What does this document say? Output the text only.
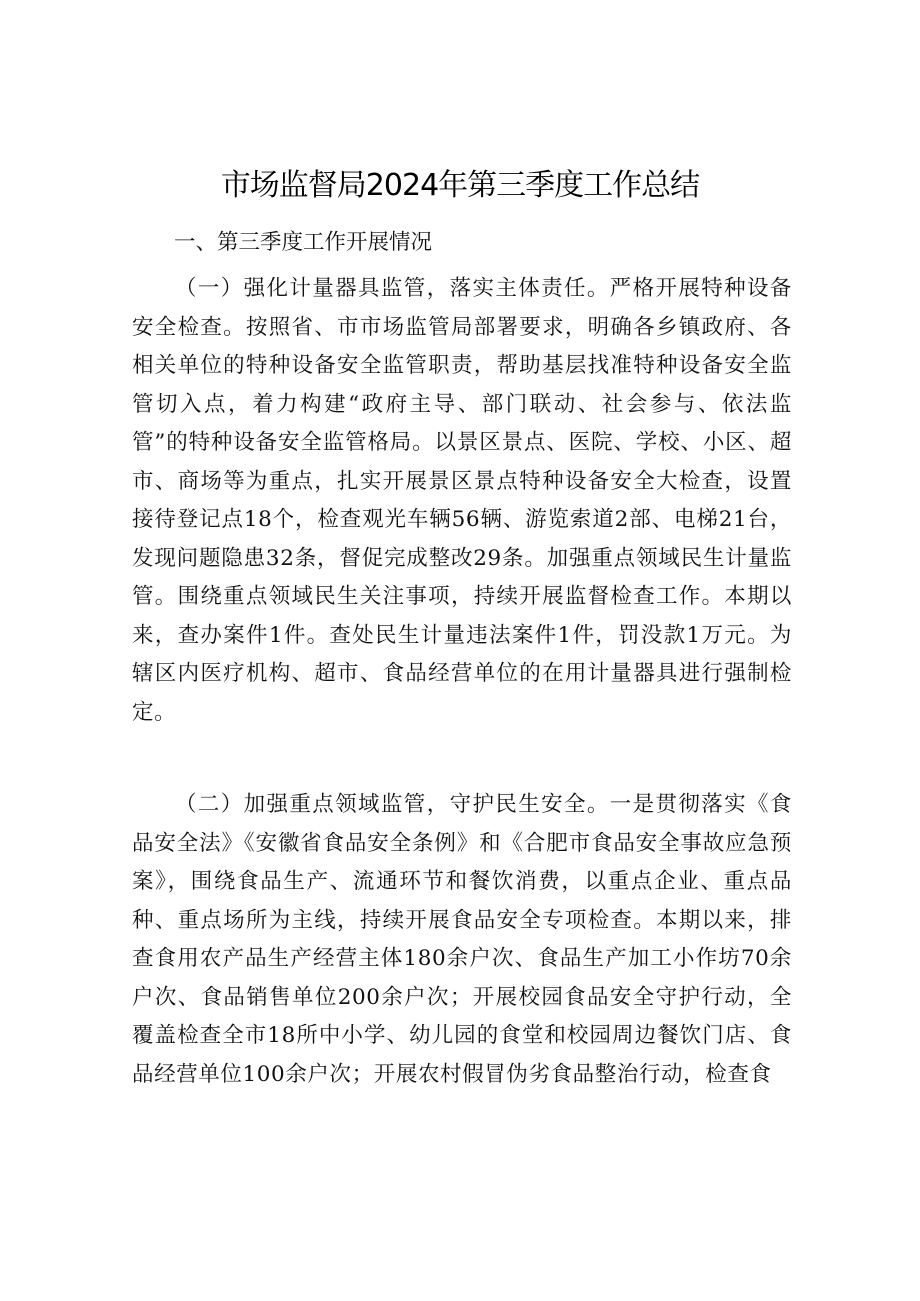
市场监督局2024年第三季度工作总结
一、第三季度工作开展情况

（一）强化计量器具监管，落实主体责任。严格开展特种设备安全检查。按照省、市市场监管局部署要求，明确各乡镇政府、各相关单位的特种设备安全监管职责，帮助基层找准特种设备安全监管切入点，着力构建“政府主导、部门联动、社会参与、依法监管”的特种设备安全监管格局。以景区景点、医院、学校、小区、超市、商场等为重点，扎实开展景区景点特种设备安全大检查，设置接待登记点18个，检查观光车辆56辆、游览索道2部、电梯21台，发现问题隐患32条，督促完成整改29条。加强重点领域民生计量监管。围绕重点领域民生关注事项，持续开展监督检查工作。本期以来，查办案件1件。查处民生计量违法案件1件，罚没款1万元。为辖区内医疗机构、超市、食品经营单位的在用计量器具进行强制检定。

（二）加强重点领域监管，守护民生安全。一是贯彻落实《食品安全法》《安徽省食品安全条例》和《合肥市食品安全事故应急预案》，围绕食品生产、流通环节和餐饮消费，以重点企业、重点品种、重点场所为主线，持续开展食品安全专项检查。本期以来，排查食用农产品生产经营主体180余户次、食品生产加工小作坊70余户次、食品销售单位200余户次；开展校园食品安全守护行动，全覆盖检查全市18所中小学、幼儿园的食堂和校园周边餐饮门店、食品经营单位100余户次；开展农村假冒伪劣食品整治行动，检查食
